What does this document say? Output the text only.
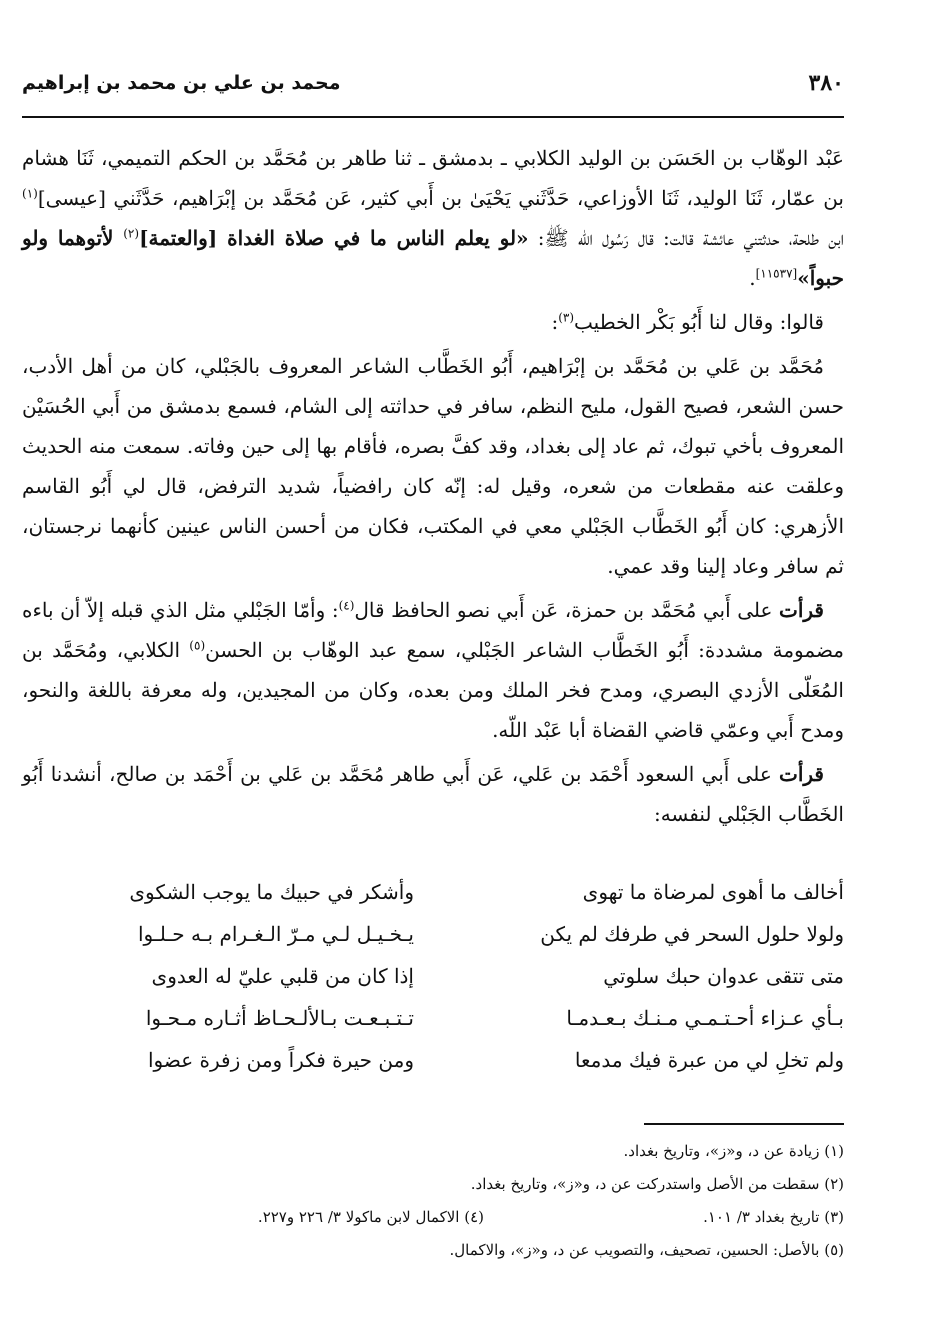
٣٨٠
محمد بن علي بن محمد بن إبراهيم

عَبْد الوهّاب بن الحَسَن بن الوليد الكلابي ـ بدمشق ـ ثنا طاهر بن مُحَمَّد بن الحكم التميمي، ثَنَا هشام بن عمّار، ثَنَا الوليد، ثَنَا الأوزاعي، حَدَّثَني يَحْيَىٰ بن أَبي كثير، عَن مُحَمَّد بن إبْرَاهيم، حَدَّثَني [عيسى]$^{(١)}$ ابن طلحة، حدثتني عائشة قالت: قال رَسُول الله ﷺ: «لو يعلم الناس ما في صلاة الغداة [والعتمة]$^{(٢)}$ لأتوهما ولو حبواً»[١١٥٣٧].

 قالوا: وقال لنا أَبُو بَكْر الخطيب$^{(٣)}$:

 مُحَمَّد بن عَلي بن مُحَمَّد بن إبْرَاهيم، أَبُو الخَطَّاب الشاعر المعروف بالجَبْلي، كان من أهل الأدب، حسن الشعر، فصيح القول، مليح النظم، سافر في حداثته إلى الشام، فسمع بدمشق من أَبي الحُسَيْن المعروف بأخي تبوك، ثم عاد إلى بغداد، وقد كفَّ بصره، فأقام بها إلى حين وفاته. سمعت منه الحديث وعلقت عنه مقطعات من شعره، وقيل له: إنّه كان رافضياً، شديد الترفض، قال لي أَبُو القاسم الأزهري: كان أَبُو الخَطَّاب الجَبْلي معي في المكتب، فكان من أحسن الناس عينين كأنهما نرجستان، ثم سافر وعاد إلينا وقد عمي.

 قرأت على أَبي مُحَمَّد بن حمزة، عَن أَبي نصو الحافظ قال$^{(٤)}$: وأمّا الجَبْلي مثل الذي قبله إلاّ أن باءه مضمومة مشددة: أَبُو الخَطَّاب الشاعر الجَبْلي، سمع عبد الوهّاب بن الحسن$^{(٥)}$ الكلابي، ومُحَمَّد بن المُعَلّى الأزدي البصري، ومدح فخر الملك ومن بعده، وكان من المجيدين، وله معرفة باللغة والنحو، ومدح أَبي وعمّي قاضي القضاة أبا عَبْد اللّه.

 قرأت على أَبي السعود أَحْمَد بن عَلي، عَن أَبي طاهر مُحَمَّد بن عَلي بن أَحْمَد بن صالح، أنشدنا أَبُو الخَطَّاب الجَبْلي لنفسه:

أخالف ما أهوى لمرضاة ما تهوى
وأشكر في حبيك ما يوجب الشكوى
ولولا حلول السحر في طرفك لم يكن
يـخـيـل لـي مـرّ الـغـرام بـه حـلـوا
متى تتقى عدوان حبك سلوتي
إذا كان من قلبي عليّ له العدوى
بـأي عـزاء أحـتـمـي مـنـك بـعـدمـا
تـتـبـعـت بـالألـحـاظ أثـاره مـحـوا
ولم تخلِ لي من عبرة فيك مدمعا
ومن حيرة فكراً ومن زفرة عضوا

(١) زيادة عن د، و«ز»، وتاريخ بغداد.

(٢) سقطت من الأصل واستدركت عن د، و«ز»، وتاريخ بغداد.

(٣) تاريخ بغداد ٣/ ١٠١.

(٤) الاكمال لابن ماكولا ٣/ ٢٢٦ و٢٢٧.

(٥) بالأصل: الحسين، تصحيف، والتصويب عن د، و«ز»، والاكمال.
